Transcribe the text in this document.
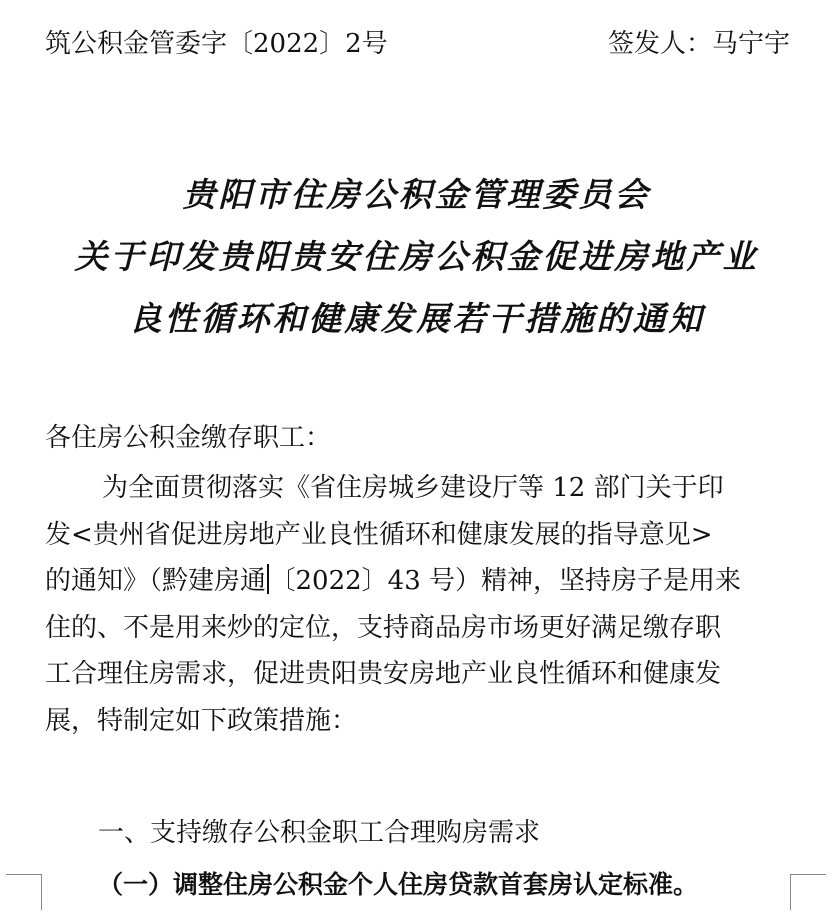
筑公积金管委字〔2022〕2号	签发人：马宁宇
贵阳市住房公积金管理委员会
关于印发贵阳贵安住房公积金促进房地产业
良性循环和健康发展若干措施的通知
各住房公积金缴存职工：
为全面贯彻落实《省住房城乡建设厅等 12 部门关于印
发<贵州省促进房地产业良性循环和健康发展的指导意见>
的通知》（黔建房通 〔2022〕43 号）精神，坚持房子是用来
住的、不是用来炒的定位，支持商品房市场更好满足缴存职
工合理住房需求，促进贵阳贵安房地产业良性循环和健康发
展，特制定如下政策措施：
一、支持缴存公积金职工合理购房需求
（一）调整住房公积金个人住房贷款首套房认定标准。
